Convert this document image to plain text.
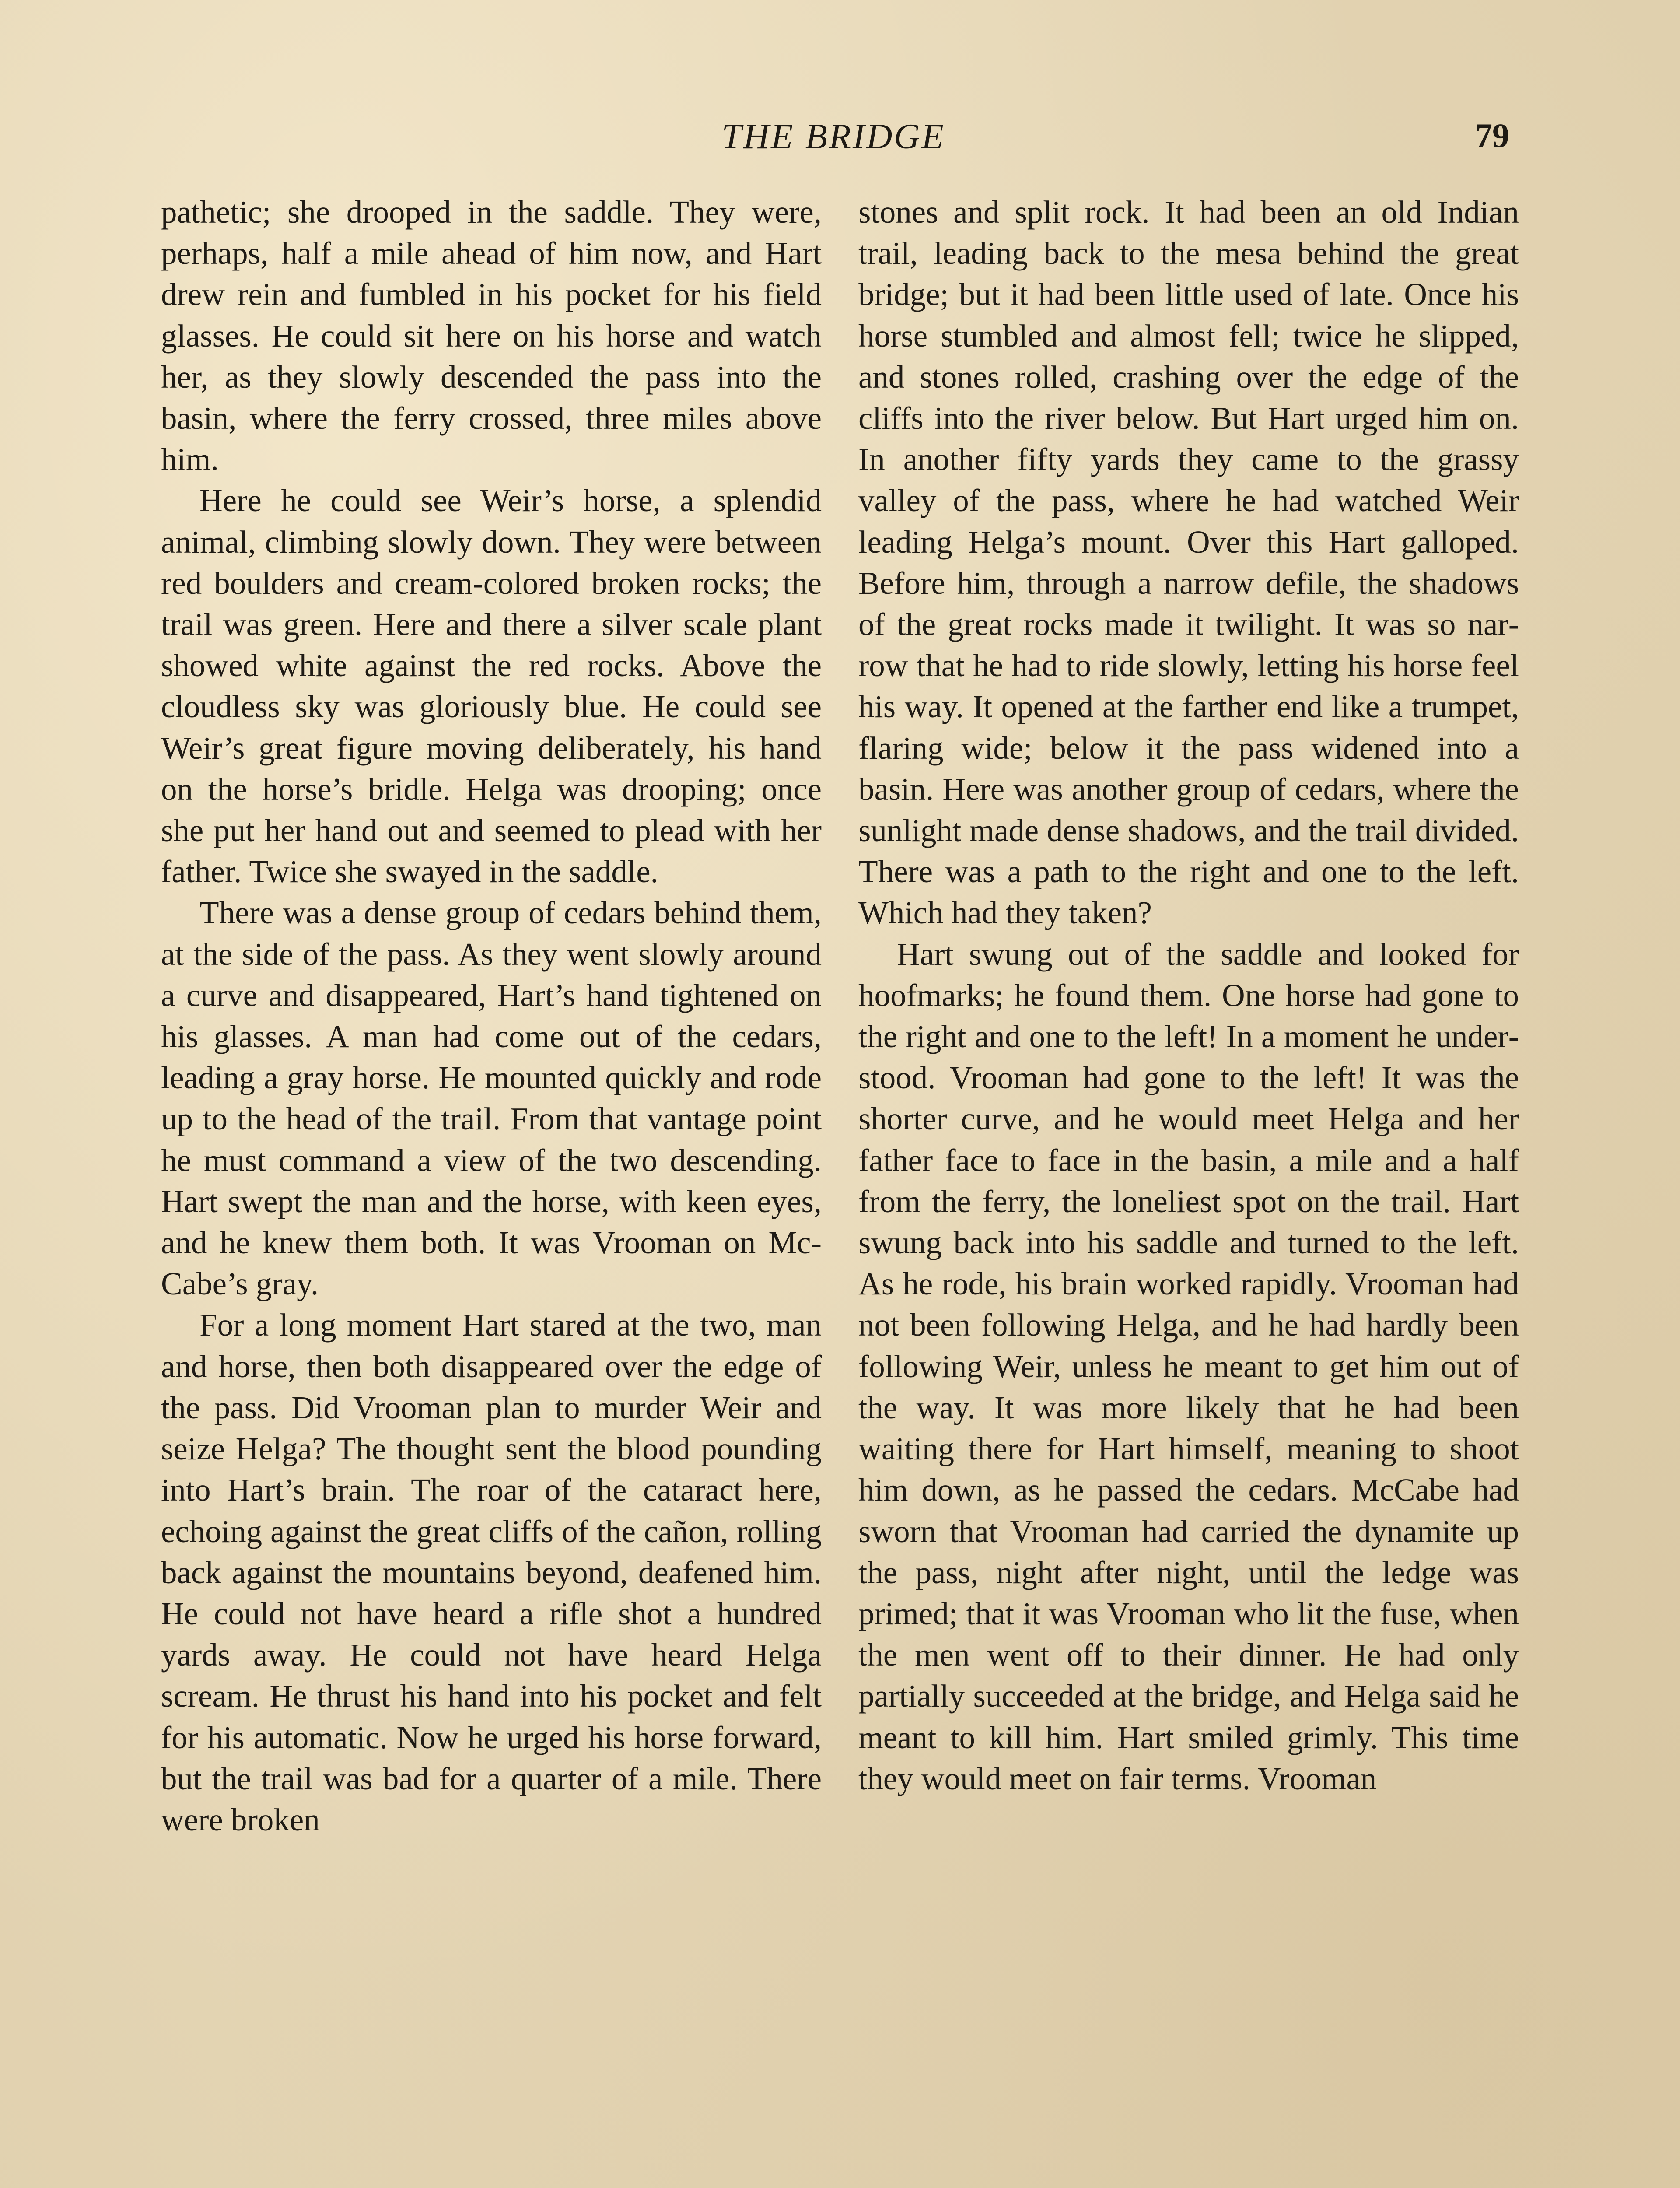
THE BRIDGE	79

pathetic; she drooped in the saddle. They were, perhaps, half a mile ahead of him now, and Hart drew rein and fumbled in his pocket for his field glasses. He could sit here on his horse and watch her, as they slowly descended the pass into the basin, where the ferry crossed, three miles above him.

Here he could see Weir’s horse, a splendid animal, climbing slowly down. They were between red boulders and cream-colored broken rocks; the trail was green. Here and there a silver scale plant showed white against the red rocks. Above the cloudless sky was gloriously blue. He could see Weir’s great figure moving deliberately, his hand on the horse’s bridle. Helga was drooping; once she put her hand out and seemed to plead with her father. Twice she swayed in the saddle.

There was a dense group of cedars behind them, at the side of the pass. As they went slowly around a curve and disappeared, Hart’s hand tightened on his glasses. A man had come out of the cedars, leading a gray horse. He mounted quickly and rode up to the head of the trail. From that vantage point he must command a view of the two descending. Hart swept the man and the horse, with keen eyes, and he knew them both. It was Vrooman on McCabe’s gray.

For a long moment Hart stared at the two, man and horse, then both disappeared over the edge of the pass. Did Vrooman plan to murder Weir and seize Helga? The thought sent the blood pounding into Hart’s brain. The roar of the cataract here, echoing against the great cliffs of the cañon, rolling back against the mountains beyond, deafened him. He could not have heard a rifle shot a hundred yards away. He could not have heard Helga scream. He thrust his hand into his pocket and felt for his automatic. Now he urged his horse forward, but the trail was bad for a quarter of a mile. There were broken

stones and split rock. It had been an old Indian trail, leading back to the mesa behind the great bridge; but it had been little used of late. Once his horse stumbled and almost fell; twice he slipped, and stones rolled, crashing over the edge of the cliffs into the river below. But Hart urged him on. In another fifty yards they came to the grassy valley of the pass, where he had watched Weir leading Helga’s mount. Over this Hart galloped. Before him, through a narrow defile, the shadows of the great rocks made it twilight. It was so narrow that he had to ride slowly, letting his horse feel his way. It opened at the farther end like a trumpet, flaring wide; below it the pass widened into a basin. Here was another group of cedars, where the sunlight made dense shadows, and the trail divided. There was a path to the right and one to the left. Which had they taken?

Hart swung out of the saddle and looked for hoofmarks; he found them. One horse had gone to the right and one to the left! In a moment he understood. Vrooman had gone to the left! It was the shorter curve, and he would meet Helga and her father face to face in the basin, a mile and a half from the ferry, the loneliest spot on the trail. Hart swung back into his saddle and turned to the left. As he rode, his brain worked rapidly. Vrooman had not been following Helga, and he had hardly been following Weir, unless he meant to get him out of the way. It was more likely that he had been waiting there for Hart himself, meaning to shoot him down, as he passed the cedars. McCabe had sworn that Vrooman had carried the dynamite up the pass, night after night, until the ledge was primed; that it was Vrooman who lit the fuse, when the men went off to their dinner. He had only partially succeeded at the bridge, and Helga said he meant to kill him. Hart smiled grimly. This time they would meet on fair terms. Vrooman
